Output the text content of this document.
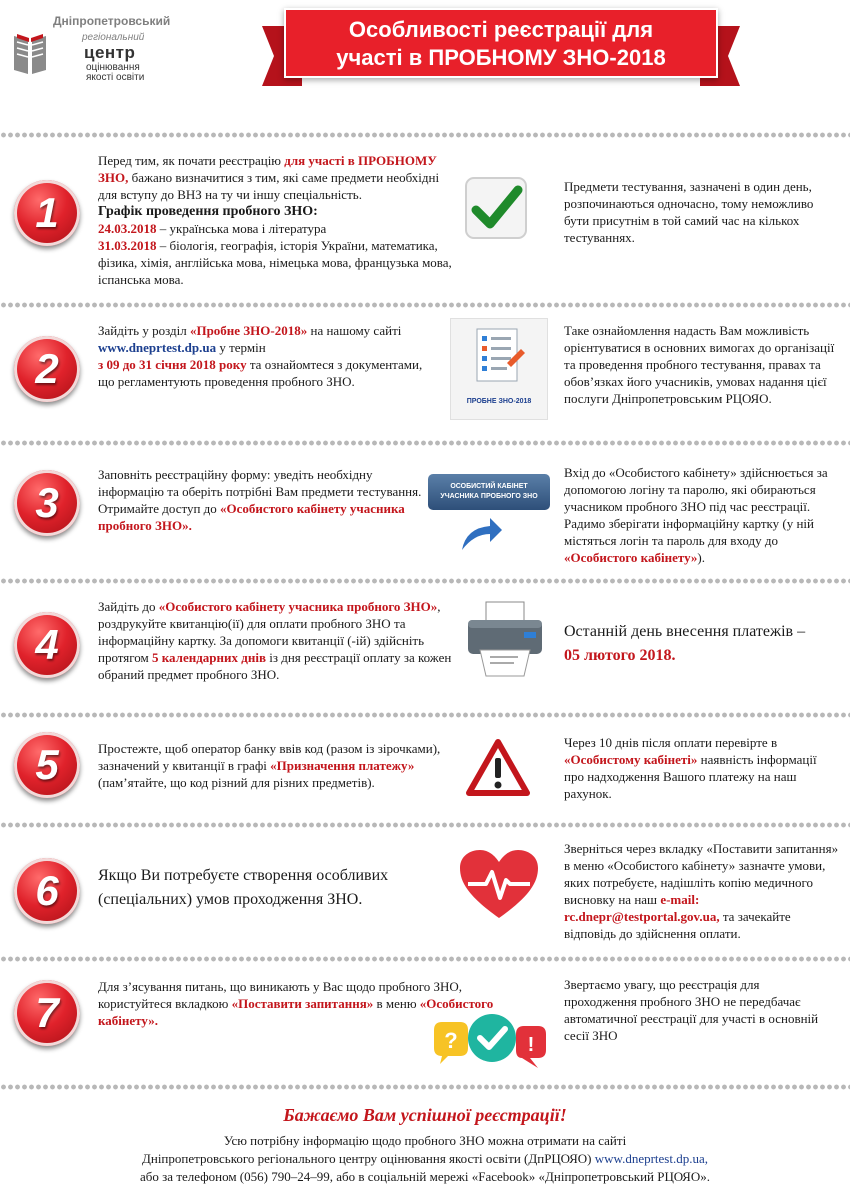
Дніпропетровський
регіональний
центр
оцінювання
якості освіти
Особливості реєстрації для
участі в ПРОБНОМУ ЗНО-2018
1
Перед тим, як почати реєстрацію для участі в ПРОБНОМУ ЗНО, бажано визначитися з тим, які саме предмети необхідні для вступу до ВНЗ на ту чи іншу спеціальність.
Графік проведення пробного ЗНО:
24.03.2018 – українська мова і література
31.03.2018 – біологія, географія, історія України, математика, фізика, хімія, англійська мова, німецька мова, французька мова, іспанська мова.
Предмети тестування, зазначені в один день, розпочинаються одночасно, тому неможливо бути присутнім в той самий час на кількох тестуваннях.
2
Зайдіть у розділ «Пробне ЗНО-2018» на нашому сайті www.dneprtest.dp.ua у термін
з 09 до 31 січня 2018 року та ознайомтеся з документами, що регламентують проведення пробного ЗНО.
ПРОБНЕ ЗНО-2018
Таке ознайомлення надасть Вам можливість орієнтуватися в основних вимогах до організації та проведення пробного тестування, правах та обов’язках його учасників, умовах надання цієї послуги Дніпропетровським РЦОЯО.
3
Заповніть реєстраційну форму: уведіть необхідну інформацію та оберіть потрібні Вам предмети тестування. Отримайте доступ до «Особистого кабінету учасника пробного ЗНО».
ОСОБИСТИЙ КАБІНЕТ
УЧАСНИКА ПРОБНОГО ЗНО
Вхід до «Особистого кабінету» здійснюється за допомогою логіну та паролю, які обираються учасником пробного ЗНО під час реєстрації. Радимо зберігати інформаційну картку (у ній містяться логін та пароль для входу до «Особистого кабінету»).
4
Зайдіть до «Особистого кабінету учасника пробного ЗНО», роздрукуйте квитанцію(ії) для оплати пробного ЗНО та інформаційну картку. За допомоги квитанції (-ій) здійсніть протягом 5 календарних днів із дня реєстрації оплату за кожен обраний предмет пробного ЗНО.
Останній день внесення платежів – 05 лютого 2018.
5	Простежте, щоб оператор банку ввів код (разом із зірочками), зазначений у квитанції в графі «Призначення платежу» (пам’ятайте, що код різний для різних предметів).
Через 10 днів після оплати перевірте в «Особистому кабінеті» наявність інформації про надходження Вашого платежу на наш рахунок.
6 Якщо Ви потребуєте створення особливих (спеціальних) умов проходження ЗНО.
Зверніться через вкладку «Поставити запитання» в меню «Особистого кабінету» зазначте умови, яких потребуєте, надішліть копію медичного висновку на наш e-mail: rc.dnepr@testportal.gov.ua, та зачекайте відповідь до здійснення оплати.
7
Для з’ясування питань, що виникають у Вас щодо пробного ЗНО, користуйтеся вкладкою «Поставити запитання» в меню «Особистого кабінету».
?	!
Звертаємо увагу, що реєстрація для проходження пробного ЗНО не передбачає автоматичної реєстрації для участі в основній сесії ЗНО
Бажаємо Вам успішної реєстрації!
Усю потрібну інформацію щодо пробного ЗНО можна отримати на сайті
Дніпропетровського регіонального центру оцінювання якості освіти (ДпРЦОЯО) www.dneprtest.dp.ua,
або за телефоном (056) 790–24–99, або в соціальній мережі «Facebook» «Дніпропетровський РЦОЯО».
